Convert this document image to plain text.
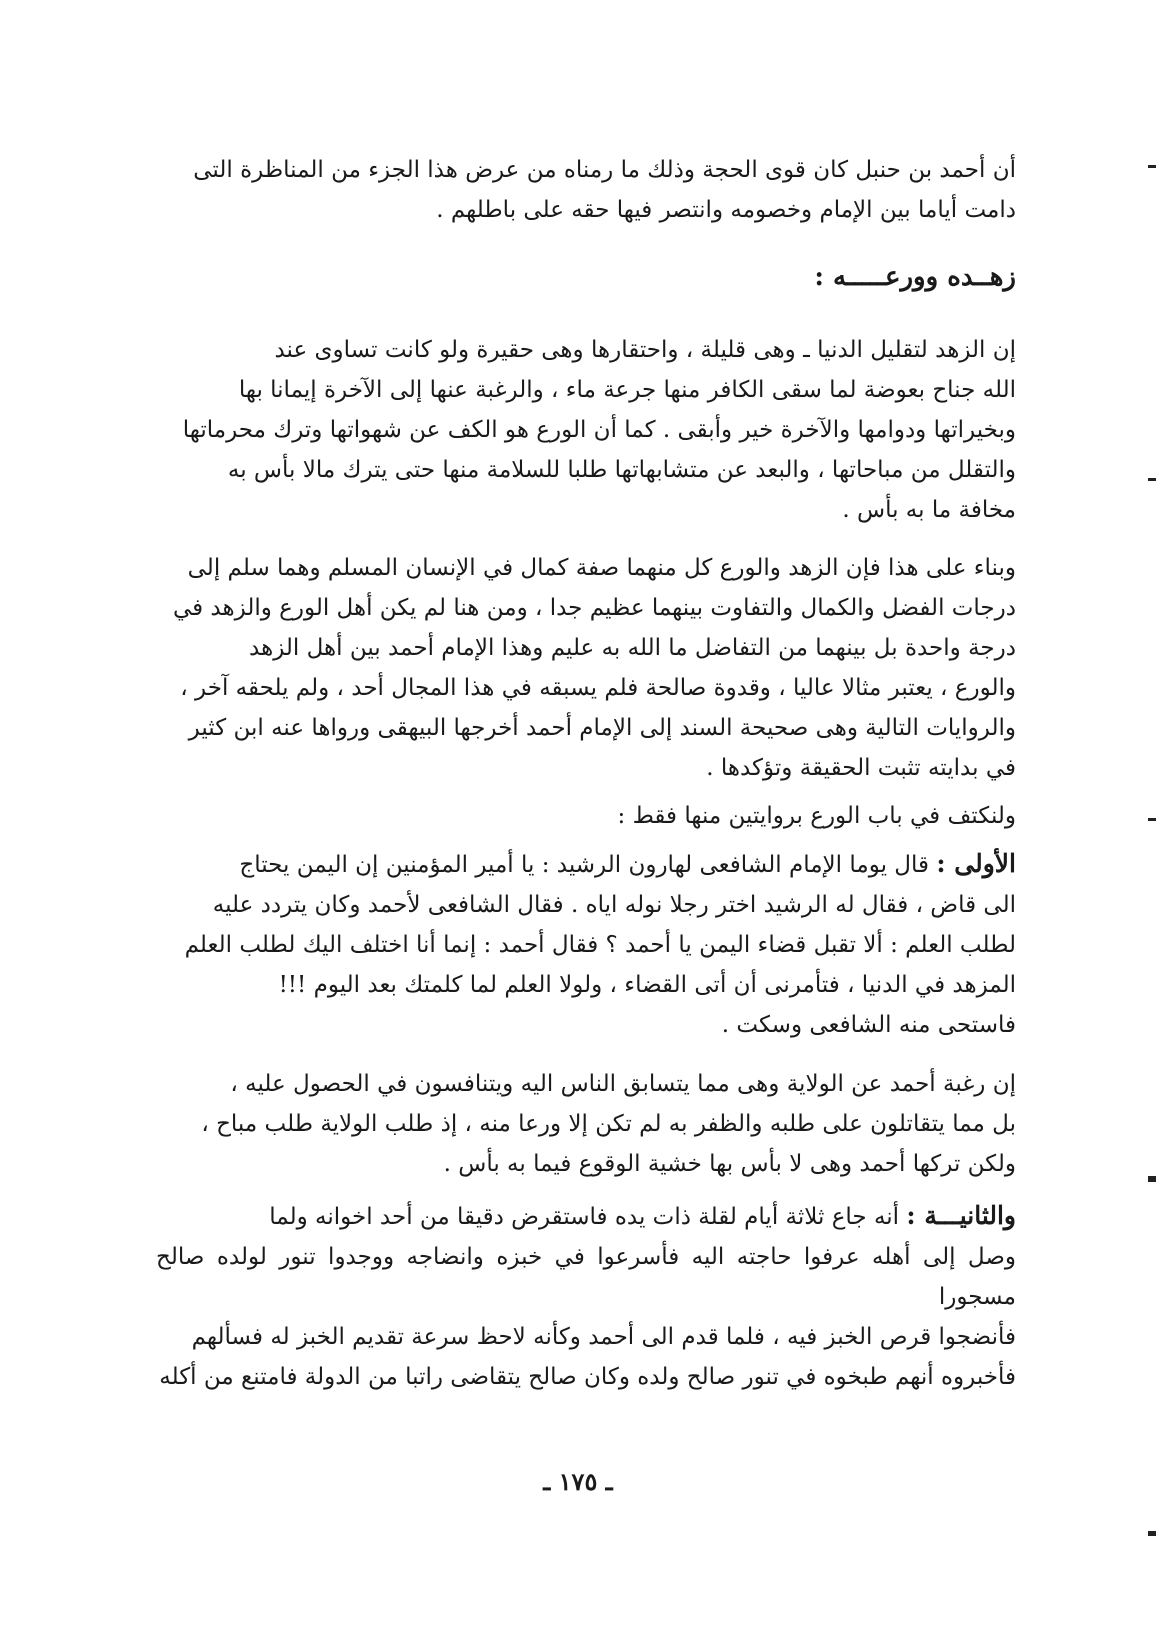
أن أحمد بن حنبل كان قوى الحجة وذلك ما رمناه من عرض هذا الجزء من المناظرة التى
دامت أياما بين الإمام وخصومه وانتصر فيها حقه على باطلهم .

زهــده وورعـــــه :

إن الزهد لتقليل الدنيا ـ وهى قليلة ، واحتقارها وهى حقيرة ولو كانت تساوى عند
الله جناح بعوضة لما سقى الكافر منها جرعة ماء ، والرغبة عنها إلى الآخرة إيمانا بها
وبخيراتها ودوامها والآخرة خير وأبقى . كما أن الورع هو الكف عن شهواتها وترك محرماتها
والتقلل من مباحاتها ، والبعد عن متشابهاتها طلبا للسلامة منها حتى يترك مالا بأس به
مخافة ما به بأس .

وبناء على هذا فإن الزهد والورع كل منهما صفة كمال في الإنسان المسلم وهما سلم إلى
درجات الفضل والكمال والتفاوت بينهما عظيم جدا ، ومن هنا لم يكن أهل الورع والزهد في
درجة واحدة بل بينهما من التفاضل ما الله به عليم وهذا الإمام أحمد بين أهل الزهد
والورع ، يعتبر مثالا عاليا ، وقدوة صالحة فلم يسبقه في هذا المجال أحد ، ولم يلحقه آخر ،
والروايات التالية وهى صحيحة السند إلى الإمام أحمد أخرجها البيهقى ورواها عنه ابن كثير
في بدايته تثبت الحقيقة وتؤكدها .

ولنكتف في باب الورع بروايتين منها فقط :

الأولى : قال يوما الإمام الشافعى لهارون الرشيد : يا أمير المؤمنين إن اليمن يحتاج
الى قاض ، فقال له الرشيد اختر رجلا نوله اياه . فقال الشافعى لأحمد وكان يتردد عليه
لطلب العلم : ألا تقبل قضاء اليمن يا أحمد ؟ فقال أحمد : إنما أنا اختلف اليك لطلب العلم
المزهد في الدنيا ، فتأمرنى أن أتى القضاء ، ولولا العلم لما كلمتك بعد اليوم !!!
فاستحى منه الشافعى وسكت .

إن رغبة أحمد عن الولاية وهى مما يتسابق الناس اليه ويتنافسون في الحصول عليه ،
بل مما يتقاتلون على طلبه والظفر به لم تكن إلا ورعا منه ، إذ طلب الولاية طلب مباح ،
ولكن تركها أحمد وهى لا بأس بها خشية الوقوع فيما به بأس .

والثانيـــة : أنه جاع ثلاثة أيام لقلة ذات يده فاستقرض دقيقا من أحد اخوانه ولما
وصل إلى أهله عرفوا حاجته اليه فأسرعوا في خبزه وانضاجه ووجدوا تنور لولده صالح مسجورا
فأنضجوا قرص الخبز فيه ، فلما قدم الى أحمد وكأنه لاحظ سرعة تقديم الخبز له فسألهم
فأخبروه أنهم طبخوه في تنور صالح ولده وكان صالح يتقاضى راتبا من الدولة فامتنع من أكله

ـ ١٧٥ ـ
